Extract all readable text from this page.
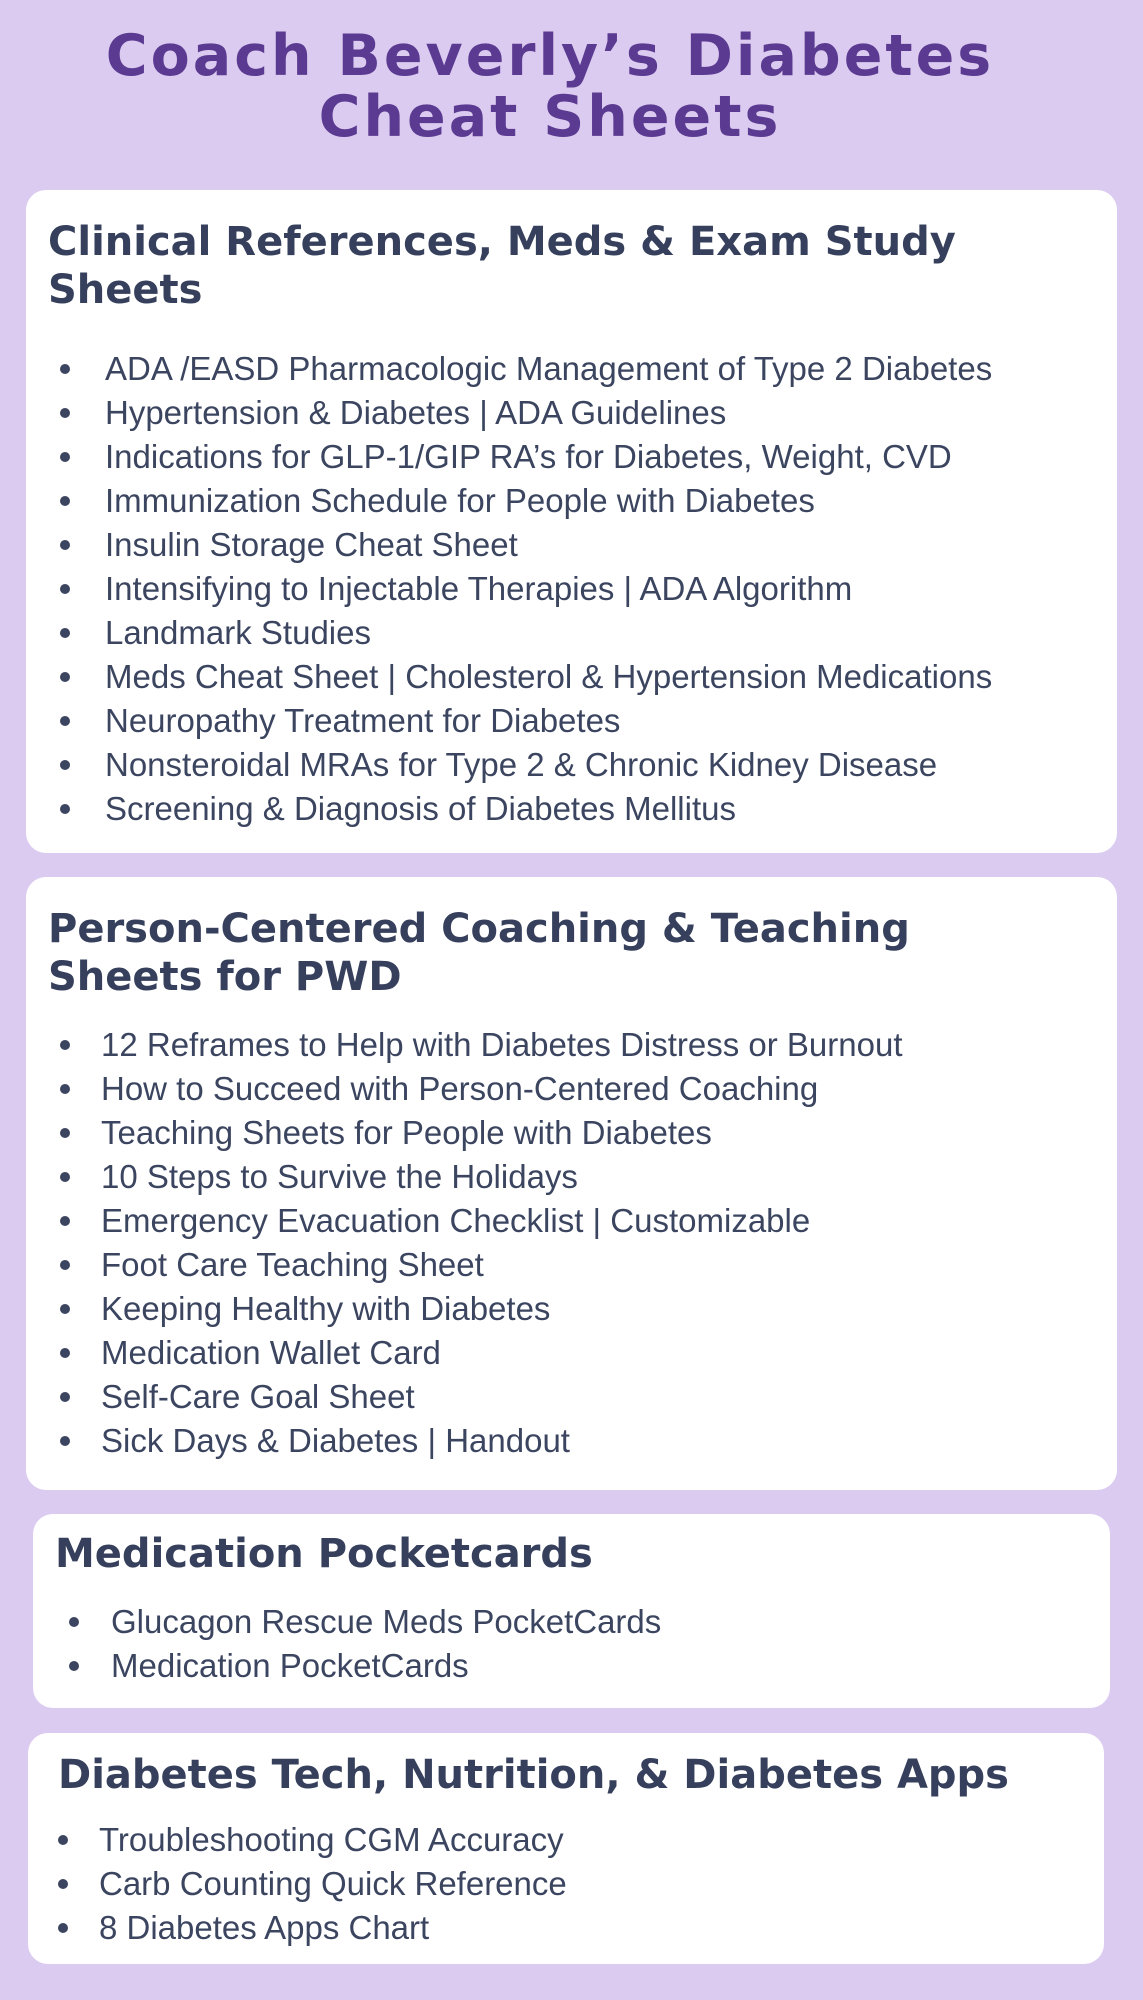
Coach Beverly’s Diabetes Cheat Sheets
Clinical References, Meds & Exam Study Sheets
ADA /EASD Pharmacologic Management of Type 2 Diabetes
Hypertension & Diabetes | ADA Guidelines
Indications for GLP-1/GIP RA’s for Diabetes, Weight, CVD
Immunization Schedule for People with Diabetes
Insulin Storage Cheat Sheet
Intensifying to Injectable Therapies | ADA Algorithm
Landmark Studies
Meds Cheat Sheet | Cholesterol & Hypertension Medications
Neuropathy Treatment for Diabetes
Nonsteroidal MRAs for Type 2 & Chronic Kidney Disease
Screening & Diagnosis of Diabetes Mellitus
Person-Centered Coaching & Teaching Sheets for PWD
12 Reframes to Help with Diabetes Distress or Burnout
How to Succeed with Person-Centered Coaching
Teaching Sheets for People with Diabetes
10 Steps to Survive the Holidays
Emergency Evacuation Checklist | Customizable
Foot Care Teaching Sheet
Keeping Healthy with Diabetes
Medication Wallet Card
Self-Care Goal Sheet
Sick Days & Diabetes | Handout
Medication Pocketcards
Glucagon Rescue Meds PocketCards
Medication PocketCards
Diabetes Tech, Nutrition, & Diabetes Apps
Troubleshooting CGM Accuracy
Carb Counting Quick Reference
8 Diabetes Apps Chart
